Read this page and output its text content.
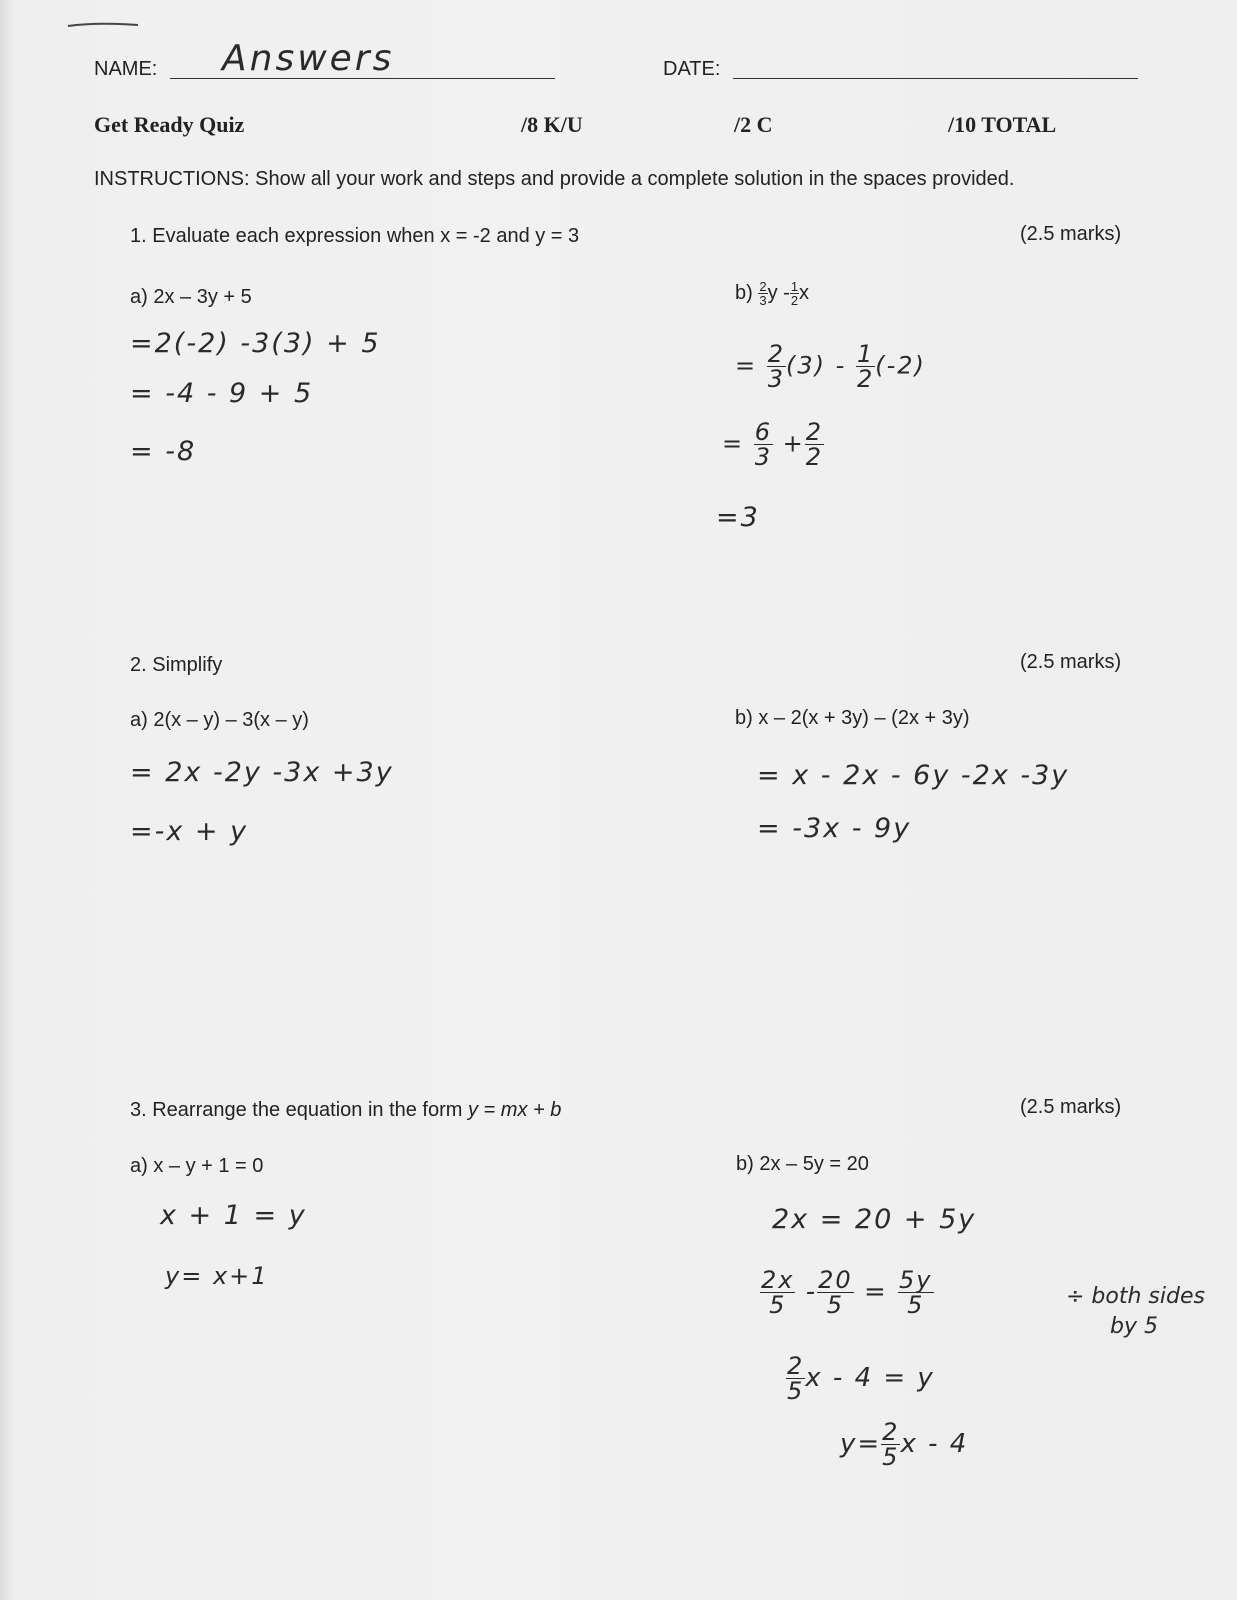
NAME: Answers	DATE:
Get Ready Quiz	/8 K/U	/2 C	/10 TOTAL
INSTRUCTIONS: Show all your work and steps and provide a complete solution in the spaces provided.
1. Evaluate each expression when x = -2 and y = 3	(2.5 marks)
a) 2x – 3y + 5
=2(-2) -3(3) + 5
= -4 - 9 + 5
= -8
$b) \frac{2}{3}$ y - $\frac{1}{2}$ x
= $\frac{2}{3} (3) - \frac{1}{2} (-2)$
= $\frac{6}{3} + \frac{2}{2}$
=3
2. Simplify	(2.5 marks)
a) 2(x – y) – 3(x – y)
= 2x -2y -3x +3y
=-x + y
b) x – 2(x + 3y) – (2x + 3y)
= x - 2x - 6y -2x -3y
= -3x - 9y
3. Rearrange the equation in the form y = mx + b	(2.5 marks)
a) x – y + 1 = 0
x + 1 = y
y= x+1
b) 2x – 5y = 20
2x = 20 + 5y
$\frac{2x}{5} - \frac{20}{5} = \frac{5y}{5}$	÷ both sides
by 5
$\frac{2}{5}$ x - 4 = y
$y= \frac{2}{5}$ x - 4
